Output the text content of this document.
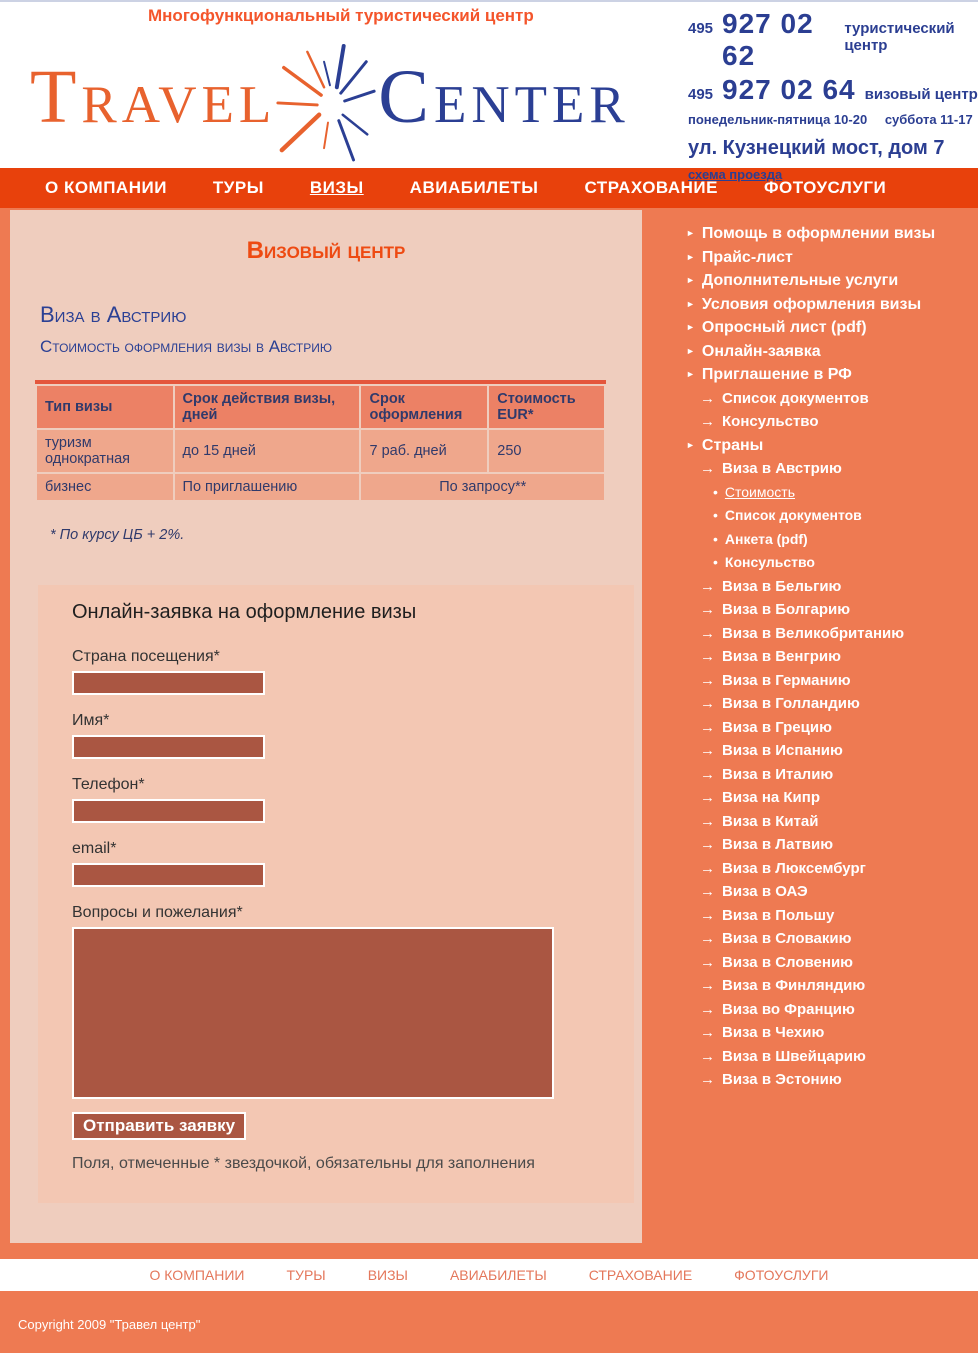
Многофункциональный туристический центр
Travel Center
495 927 02 62
туристический центр
495 927 02 64 визовый центр
понедельник-пятница 10-20 суббота 11-17
ул. Кузнецкий мост, дом 7
схема проезда
О КОМПАНИИ	ТУРЫ	ВИЗЫ	АВИАБИЛЕТЫ	СТРАХОВАНИЕ	ФОТОУСЛУГИ
Визовый центр
Виза в Австрию
Стоимость оформления визы в Австрию
Тип визы	Срок действия визы, дней	Срок оформления	Стоимость EUR*
туризм однократная	до 15 дней	7 раб. дней	250
бизнес	По приглашению	По запросу**	
* По курсу ЦБ + 2%.
Онлайн-заявка на оформление визы
Страна посещения*
Имя*
Телефон*
email*
Вопросы и пожелания*
Отправить заявку
Поля, отмеченные * звездочкой, обязательны для заполнения
► Помощь в оформлении визы
► Прайс-лист
► Дополнительные услуги
► Условия оформления визы
► Опросный лист (pdf)
► Онлайн-заявка
► Приглашение в РФ
→ Список документов
→ Консульство
► Страны
→ Виза в Австрию
• Стоимость
• Список документов
• Анкета (pdf)
• Консульство
→ Виза в Бельгию
→ Виза в Болгарию
→ Виза в Великобританию
→ Виза в Венгрию
→ Виза в Германию
→ Виза в Голландию
→ Виза в Грецию
→ Виза в Испанию
→ Виза в Италию
→ Виза на Кипр
→ Виза в Китай
→ Виза в Латвию
→ Виза в Люксембург
→ Виза в ОАЭ
→ Виза в Польшу
→ Виза в Словакию
→ Виза в Словению
→ Виза в Финляндию
→ Виза во Францию
→ Виза в Чехию
→ Виза в Швейцарию
→ Виза в Эстонию
О КОМПАНИИ	ТУРЫ	ВИЗЫ	АВИАБИЛЕТЫ	СТРАХОВАНИЕ	ФОТОУСЛУГИ
Copyright 2009 "Травел центр"
